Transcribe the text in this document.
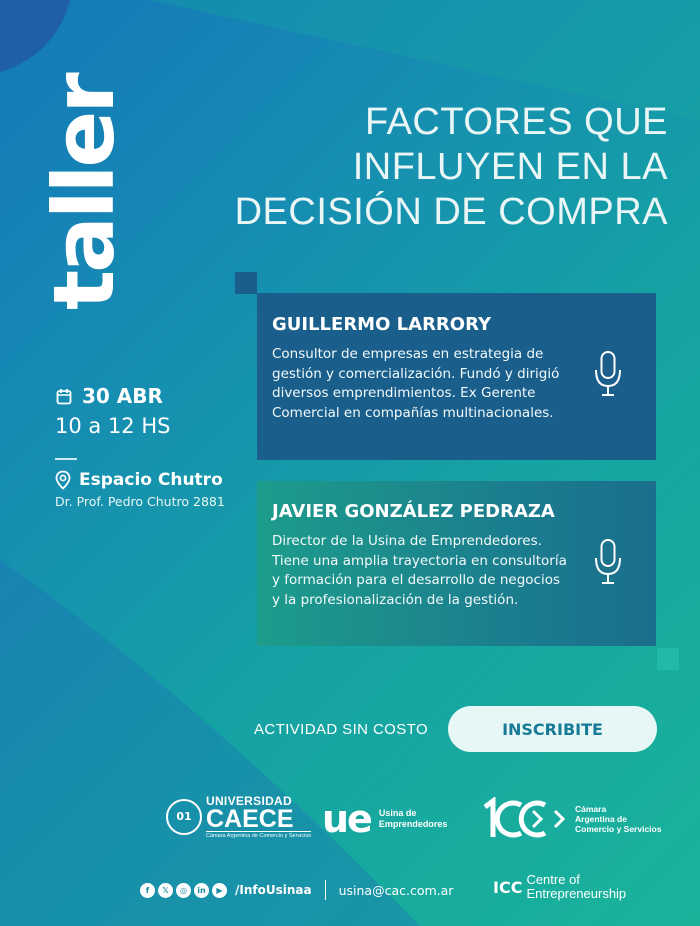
taller	FACTORES QUE
INFLUYEN EN LA
DECISIÓN DE COMPRA
30 ABR
10 a 12 HS
Espacio Chutro
Dr. Prof. Pedro Chutro 2881
GUILLERMO LARRORY
Consultor de empresas en estrategia de gestión y comercialización. Fundó y dirigió diversos emprendimientos. Ex Gerente Comercial en compañías multinacionales.
JAVIER GONZÁLEZ PEDRAZA
Director de la Usina de Emprendedores. Tiene una amplia trayectoria en consultoría y formación para el desarrollo de negocios y la profesionalización de la gestión.
ACTIVIDAD SIN COSTO	INSCRIBITE
01
UNIVERSIDAD
CAECE
Cámara Argentina de Comercio y Servicios ue Usina de
Emprendedores
Cámara
Argentina de
Comercio y Servicios
f	𝕏	◎	in	▶	/InfoUsinaa usina@cac.com.ar ICC Centre of
Entrepreneurship
